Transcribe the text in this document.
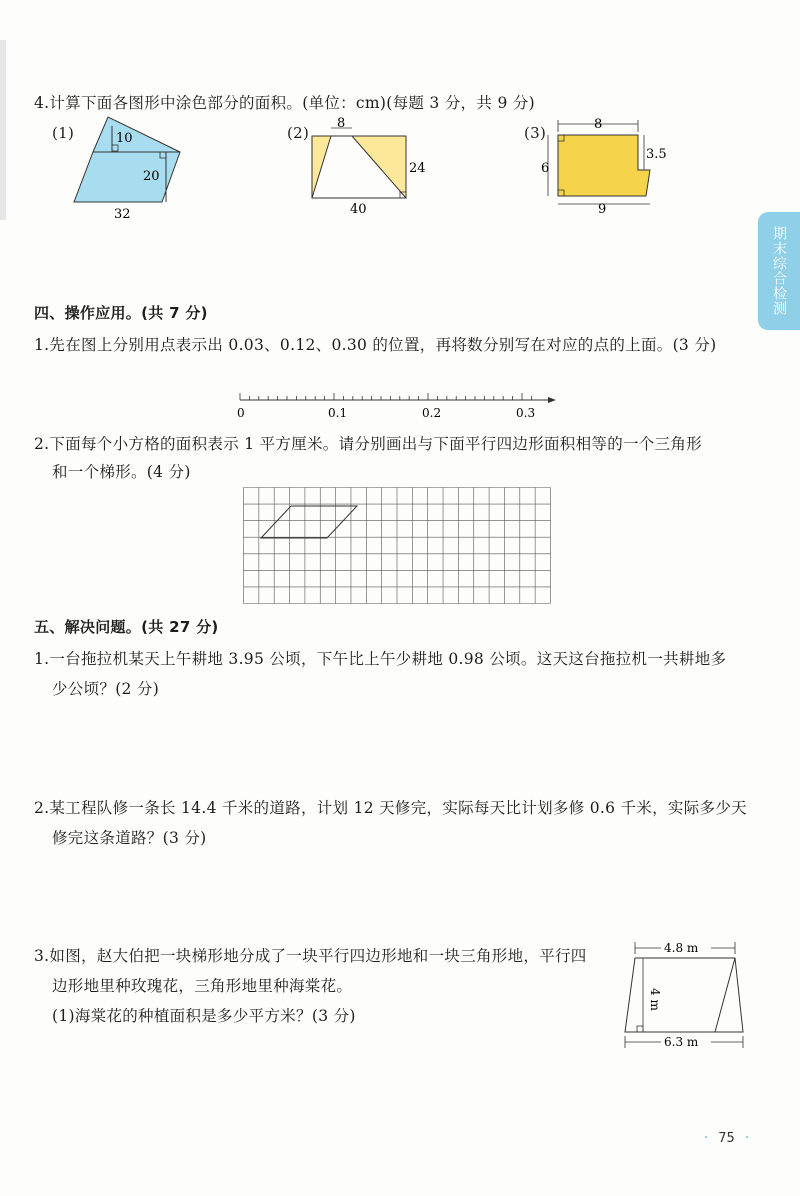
期末综合检测
4.计算下面各图形中涂色部分的面积。(单位：cm)(每题 3 分，共 9 分)
(1)	10
20
32
(2)
8
24
40
(3)	8
6
3.5
9
四、操作应用。(共 7 分)
1.先在图上分别用点表示出 0.03、0.12、0.30 的位置，再将数分别写在对应的点的上面。(3 分)
0	0.1	0.2	0.3
2.下面每个小方格的面积表示 1 平方厘米。请分别画出与下面平行四边形面积相等的一个三角形
和一个梯形。(4 分)
五、解决问题。(共 27 分)
1.一台拖拉机某天上午耕地 3.95 公顷，下午比上午少耕地 0.98 公顷。这天这台拖拉机一共耕地多
少公顷？(2 分)
2.某工程队修一条长 14.4 千米的道路，计划 12 天修完，实际每天比计划多修 0.6 千米，实际多少天
修完这条道路？(3 分)
3.如图，赵大伯把一块梯形地分成了一块平行四边形地和一块三角形地，平行四
边形地里种玫瑰花，三角形地里种海棠花。
(1)海棠花的种植面积是多少平方米？(3 分)
4.8 m
4 m
6.3 m
· 75 ·
